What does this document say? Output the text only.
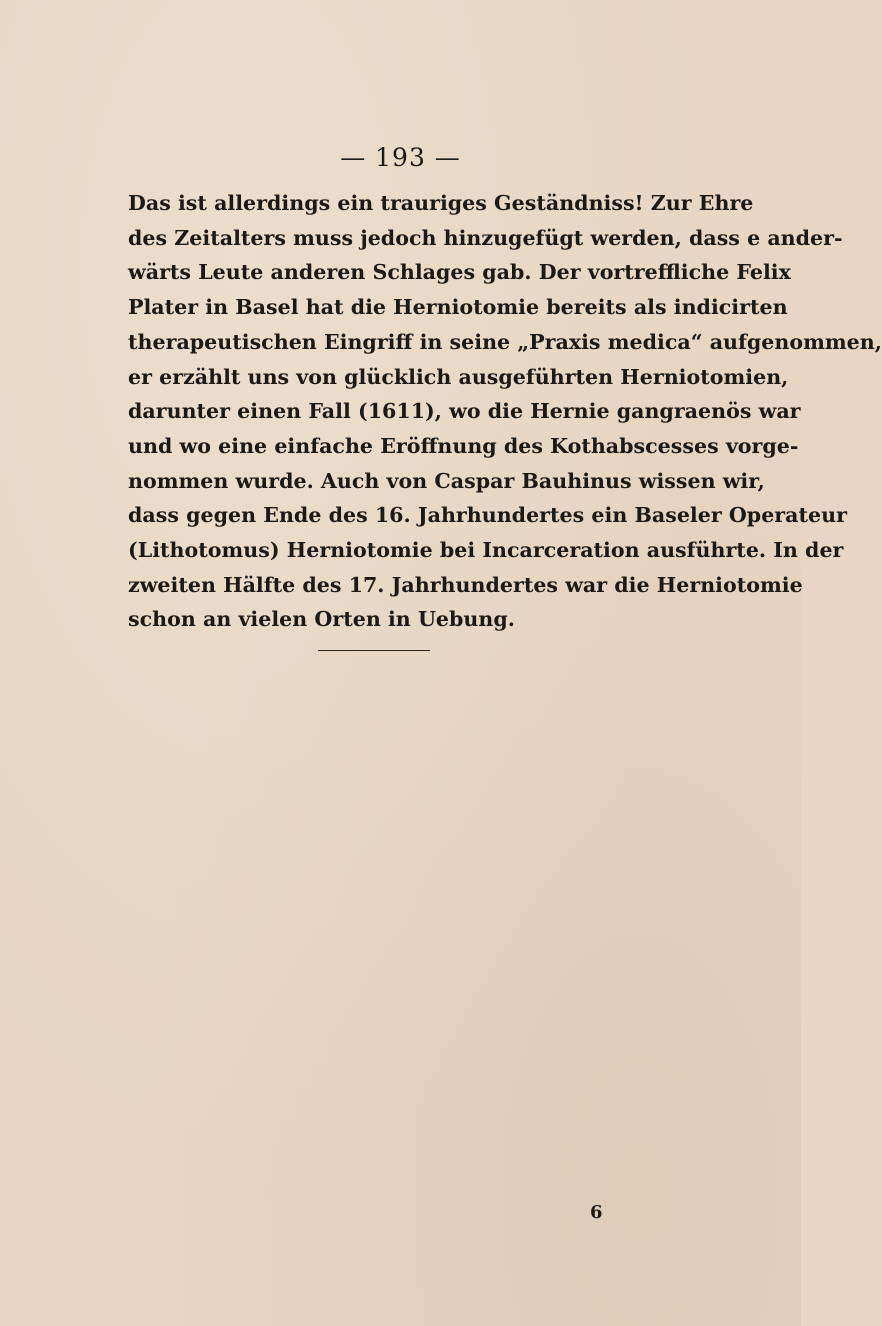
— 193 —
Das ist allerdings ein trauriges Geständniss! Zur Ehre
des Zeitalters muss jedoch hinzugefügt werden, dass e ander-
wärts Leute anderen Schlages gab. Der vortreffliche Felix
Plater in Basel hat die Herniotomie bereits als indicirten
therapeutischen Eingriff in seine „Praxis medica“ aufgenommen,
er erzählt uns von glücklich ausgeführten Herniotomien,
darunter einen Fall (1611), wo die Hernie gangraenös war
und wo eine einfache Eröffnung des Kothabscesses vorge-
nommen wurde. Auch von Caspar Bauhinus wissen wir,
dass gegen Ende des 16. Jahrhundertes ein Baseler Operateur
(Lithotomus) Herniotomie bei Incarceration ausführte. In der
zweiten Hälfte des 17. Jahrhundertes war die Herniotomie
schon an vielen Orten in Uebung.
6
